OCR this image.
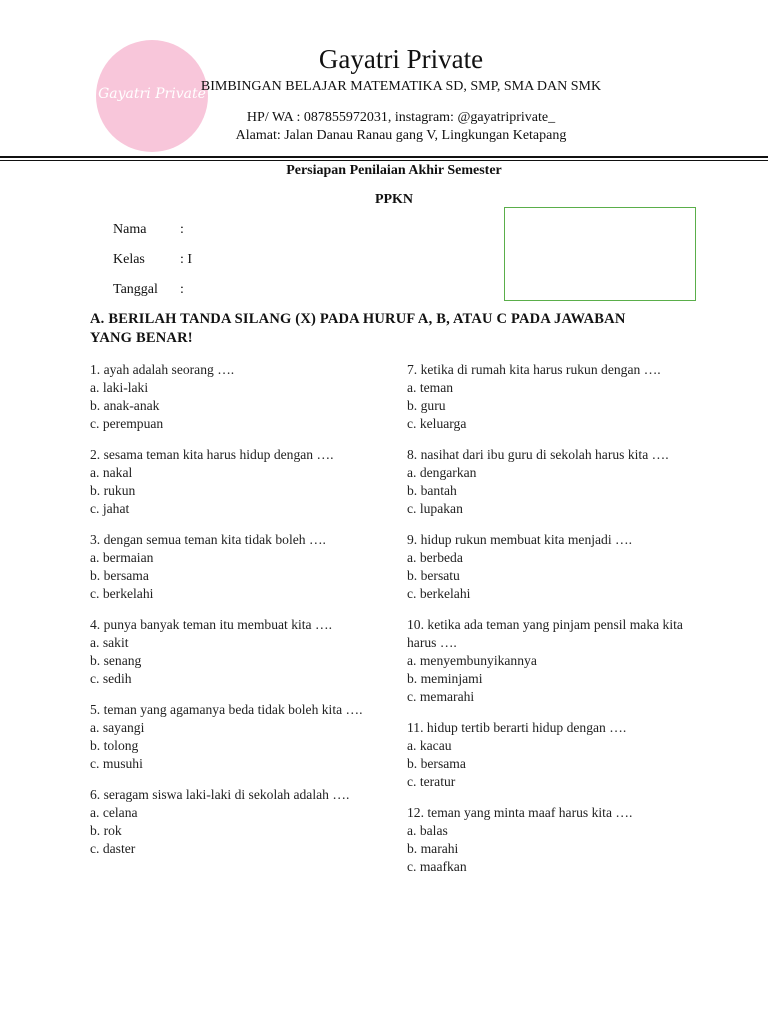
Gayatri Private
Gayatri Private
BIMBINGAN BELAJAR MATEMATIKA SD, SMP, SMA DAN SMK
HP/ WA : 087855972031, instagram: @gayatriprivate_
Alamat: Jalan Danau Ranau gang V, Lingkungan Ketapang
Persiapan Penilaian Akhir Semester
PPKN
Nama :
Kelas	: I
Tanggal :
A. BERILAH TANDA SILANG (X) PADA HURUF A, B, ATAU C PADA JAWABAN YANG BENAR!
1. ayah adalah seorang ….
a. laki-laki
b. anak-anak
c. perempuan
2. sesama teman kita harus hidup dengan ….
a. nakal
b. rukun
c. jahat
3. dengan semua teman kita tidak boleh ….
a. bermaian
b. bersama
c. berkelahi
4. punya banyak teman itu membuat kita ….
a. sakit
b. senang
c. sedih
5. teman yang agamanya beda tidak boleh kita ….
a. sayangi
b. tolong
c. musuhi
6. seragam siswa laki-laki di sekolah adalah ….
a. celana
b. rok
c. daster
7. ketika di rumah kita harus rukun dengan ….
a. teman
b. guru
c. keluarga
8. nasihat dari ibu guru di sekolah harus kita ….
a. dengarkan
b. bantah
c. lupakan
9. hidup rukun membuat kita menjadi ….
a. berbeda
b. bersatu
c. berkelahi
10. ketika ada teman yang pinjam pensil maka kita harus ….
a. menyembunyikannya
b. meminjami
c. memarahi
11. hidup tertib berarti hidup dengan ….
a. kacau
b. bersama
c. teratur
12. teman yang minta maaf harus kita ….
a. balas
b. marahi
c. maafkan
